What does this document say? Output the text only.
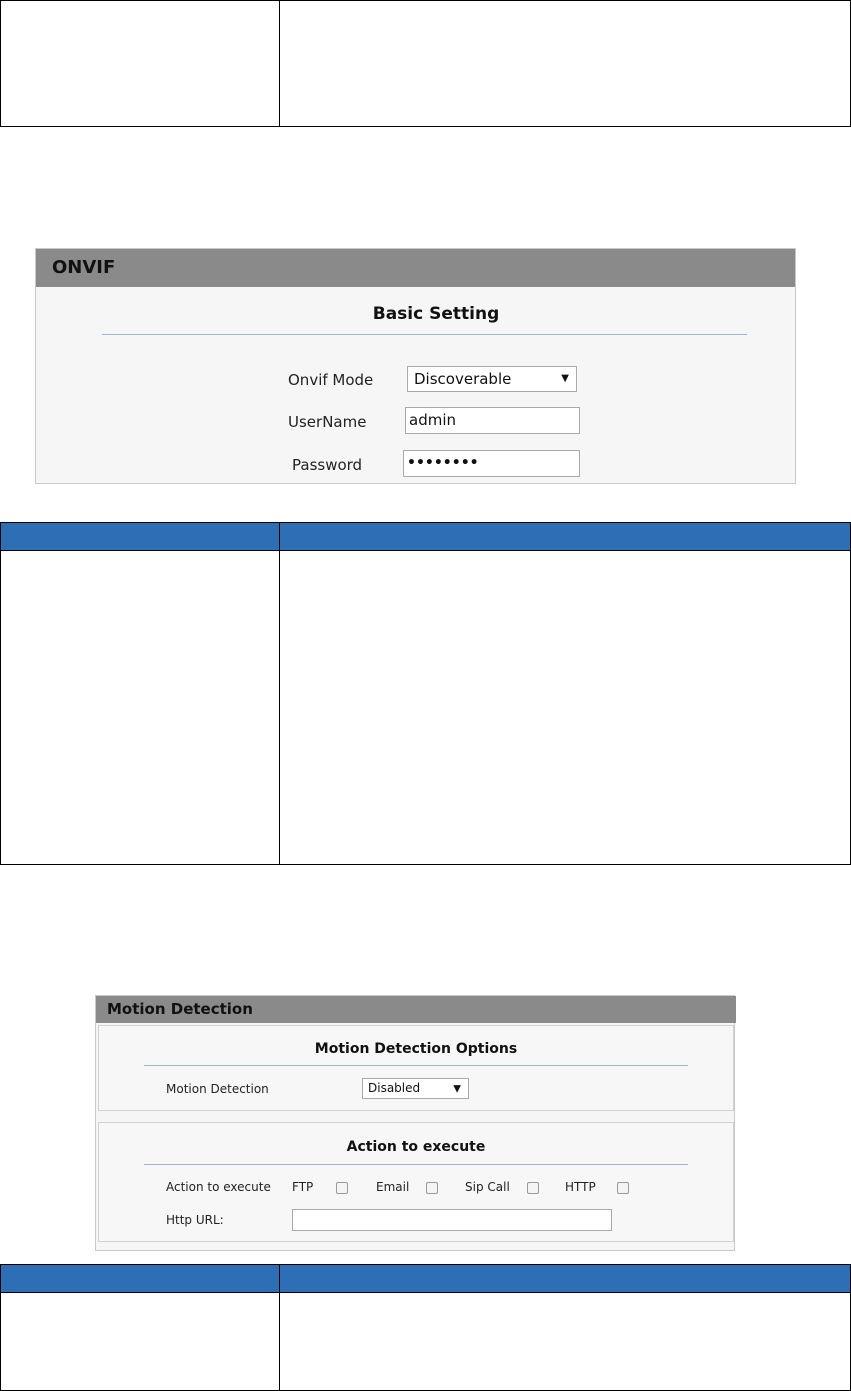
ONVIF
Basic Setting
Onvif Mode	Discoverable	▼
UserName	admin
Password	••••••••

Motion Detection
Motion Detection Options
Motion Detection	Disabled	▼
Action to execute
Action to execute FTP	Email	Sip Call	HTTP
Http URL:
